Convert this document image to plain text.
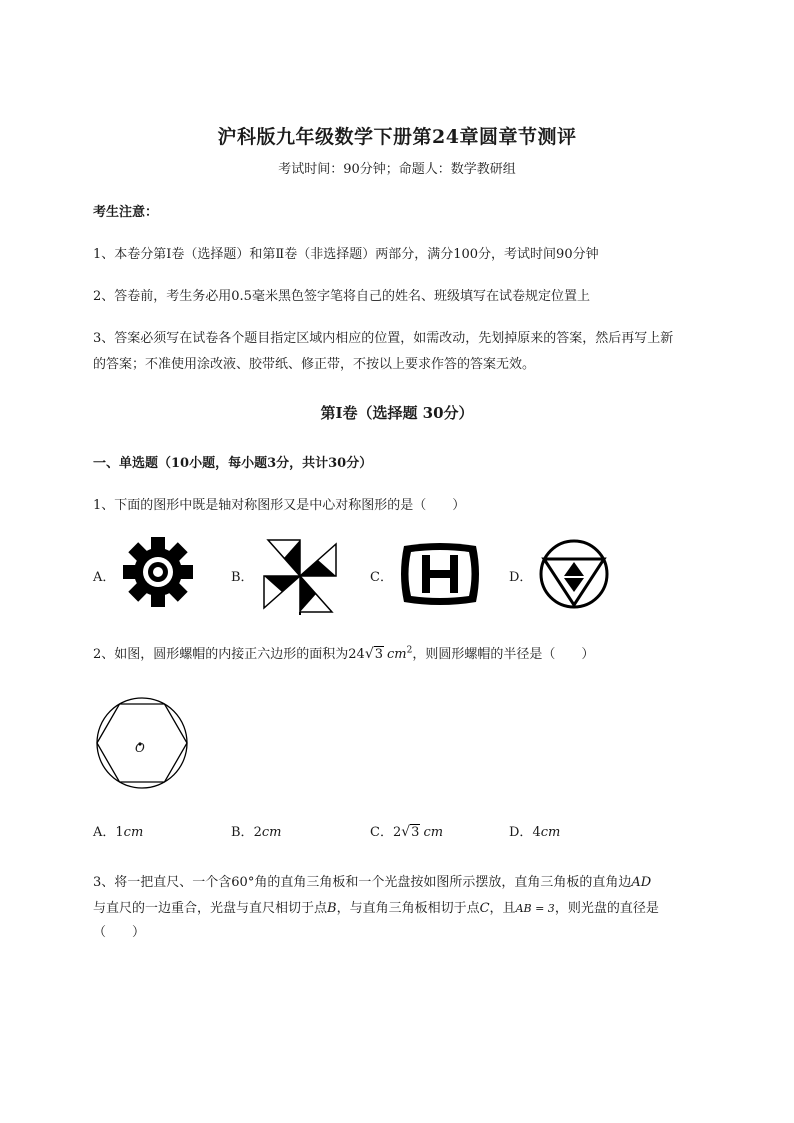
沪科版九年级数学下册第24章圆章节测评
考试时间：90分钟；命题人：数学教研组
考生注意：
1、本卷分第I卷（选择题）和第Ⅱ卷（非选择题）两部分，满分100分，考试时间90分钟
2、答卷前，考生务必用0.5毫米黑色签字笔将自己的姓名、班级填写在试卷规定位置上
3、答案必须写在试卷各个题目指定区域内相应的位置，如需改动，先划掉原来的答案，然后再写上新
的答案；不准使用涂改液、胶带纸、修正带，不按以上要求作答的答案无效。
第I卷（选择题 30分）
一、单选题（10小题，每小题3分，共计30分）
1、下面的图形中既是轴对称图形又是中心对称图形的是（　　）
A．	B．	C．	D．
2、如图，圆形螺帽的内接正六边形的面积为24√3 $cm^2$，则圆形螺帽的半径是（　　）
O
A．1cm	B．2cm	C．2√3 cm	D．4cm
3、将一把直尺、一个含60°角的直角三角板和一个光盘按如图所示摆放，直角三角板的直角边AD
与直尺的一边重合，光盘与直尺相切于点B，与直角三角板相切于点C，且AB = 3，则光盘的直径是
（　　）
